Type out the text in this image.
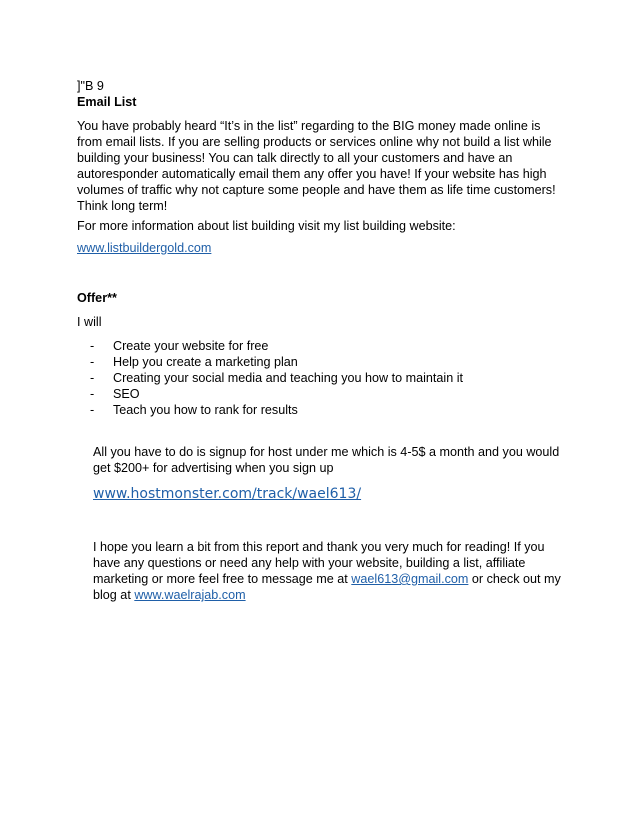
]"B 9

Email List

You have probably heard “It’s in the list” regarding to the BIG money made online is from email lists. If you are selling products or services online why not build a list while building your business! You can talk directly to all your customers and have an autoresponder automatically email them any offer you have! If your website has high volumes of traffic why not capture some people and have them as life time customers! Think long term!

For more information about list building visit my list building website:

www.listbuildergold.com

Offer**

I will

-	Create your website for free
-	Help you create a marketing plan
-	Creating your social media and teaching you how to maintain it
-	SEO
-	Teach you how to rank for results

All you have to do is signup for host under me which is 4-5$ a month and you would get $200+ for advertising when you sign up

www.hostmonster.com/track/wael613/

I hope you learn a bit from this report and thank you very much for reading! If you have any questions or need any help with your website, building a list, affiliate marketing or more feel free to message me at wael613@gmail.com or check out my blog at www.waelrajab.com
